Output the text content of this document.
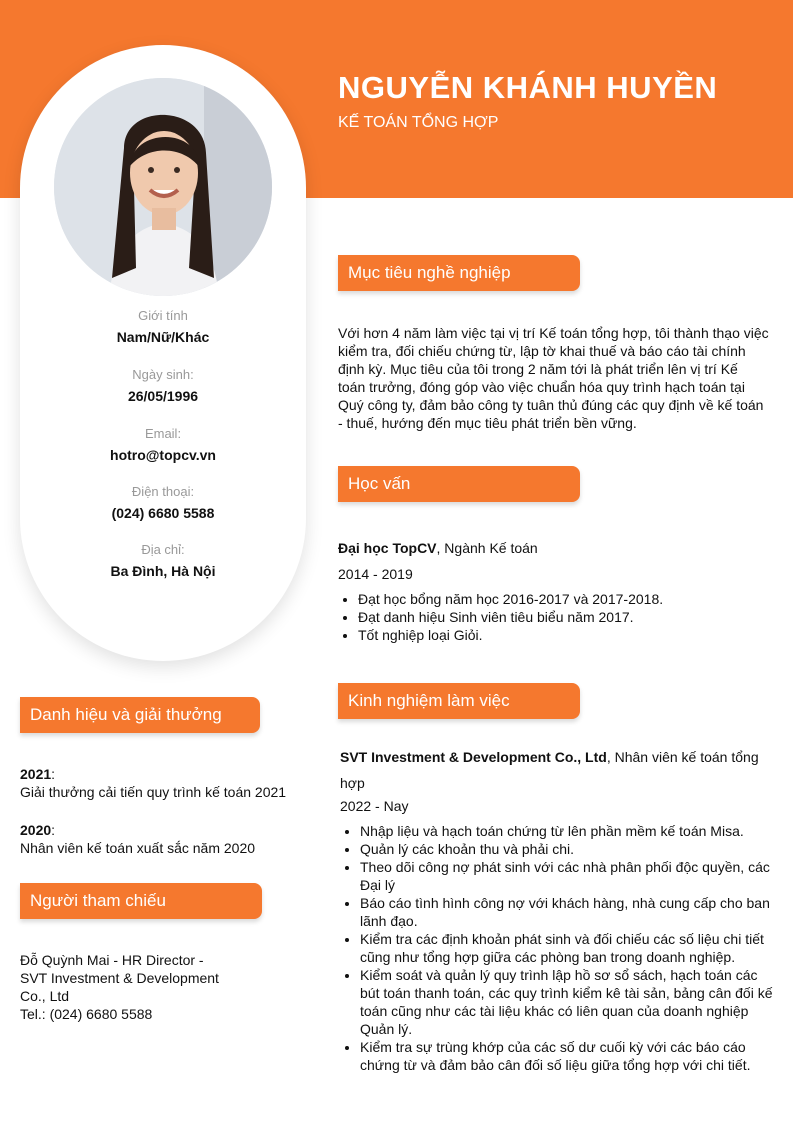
NGUYỄN KHÁNH HUYỀN
KẾ TOÁN TỔNG HỢP
Giới tính
Nam/Nữ/Khác
Ngày sinh:
26/05/1996
Email:
hotro@topcv.vn
Điện thoại:
(024) 6680 5588
Địa chỉ:
Ba Đình, Hà Nội
Danh hiệu và giải thưởng
2021:
Giải thưởng cải tiến quy trình kế toán 2021
2020:
Nhân viên kế toán xuất sắc năm 2020
Người tham chiếu
Đỗ Quỳnh Mai - HR Director -
SVT Investment & Development
Co., Ltd
Tel.: (024) 6680 5588
Mục tiêu nghề nghiệp
Với hơn 4 năm làm việc tại vị trí Kế toán tổng hợp, tôi thành thạo việc
kiểm tra, đối chiếu chứng từ, lập tờ khai thuế và báo cáo tài chính
định kỳ. Mục tiêu của tôi trong 2 năm tới là phát triển lên vị trí Kế
toán trưởng, đóng góp vào việc chuẩn hóa quy trình hạch toán tại
Quý công ty, đảm bảo công ty tuân thủ đúng các quy định về kế toán
- thuế, hướng đến mục tiêu phát triển bền vững.
Học vấn
Đại học TopCV, Ngành Kế toán
2014 - 2019
• Đạt học bổng năm học 2016-2017 và 2017-2018.
• Đạt danh hiệu Sinh viên tiêu biểu năm 2017.
• Tốt nghiệp loại Giỏi.
Kinh nghiệm làm việc
SVT Investment & Development Co., Ltd, Nhân viên kế toán tổng
hợp
2022 - Nay
• Nhập liệu và hạch toán chứng từ lên phần mềm kế toán Misa.
• Quản lý các khoản thu và phải chi.
• Theo dõi công nợ phát sinh với các nhà phân phối độc quyền, các
Đại lý
• Báo cáo tình hình công nợ với khách hàng, nhà cung cấp cho ban
lãnh đạo.
• Kiểm tra các định khoản phát sinh và đối chiếu các số liệu chi tiết
cũng như tổng hợp giữa các phòng ban trong doanh nghiệp.
• Kiểm soát và quản lý quy trình lập hồ sơ sổ sách, hạch toán các
bút toán thanh toán, các quy trình kiểm kê tài sản, bảng cân đối kế
toán cũng như các tài liệu khác có liên quan của doanh nghiệp
Quản lý.
• Kiểm tra sự trùng khớp của các số dư cuối kỳ với các báo cáo
chứng từ và đảm bảo cân đối số liệu giữa tổng hợp với chi tiết.
